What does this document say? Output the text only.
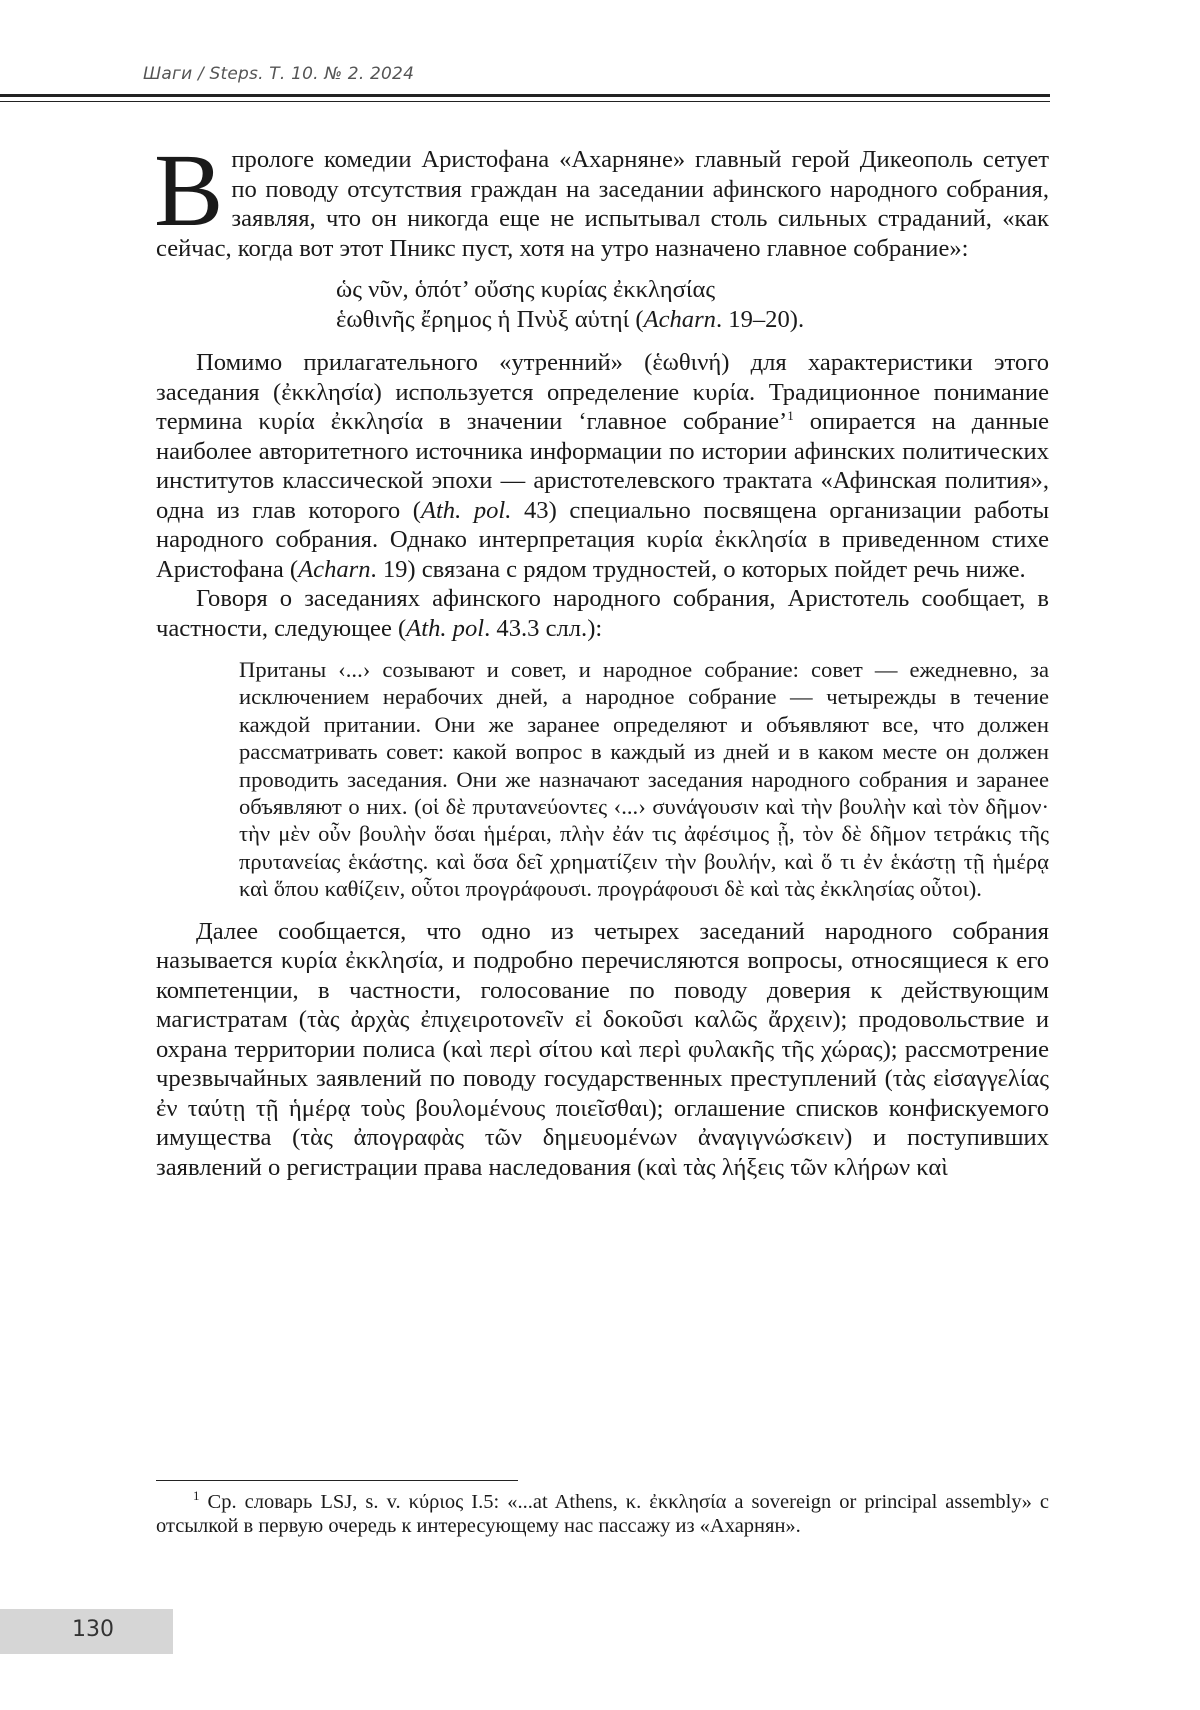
Шаги / Steps. Т. 10. № 2. 2024

В прологе комедии Аристофана «Ахарняне» главный герой Дикеополь сетует по поводу отсутствия граждан на заседании афинского народного собрания, заявляя, что он никогда еще не испытывал столь сильных страданий, «как сейчас, когда вот этот Пникс пуст, хотя на утро назначено главное собрание»:

ὡς νῦν, ὁπότ’ οὔσης κυρίας ἐκκλησίας
ἑωθινῆς ἔρημος ἡ Πνὺξ αὑτηί (Acharn. 19–20).

Помимо прилагательного «утренний» (ἑωθινή) для характеристики этого заседания (ἐκκλησία) используется определение κυρία. Традиционное понимание термина κυρία ἐκκλησία в значении ‘главное собрание’$^1$ опирается на данные наиболее авторитетного источника информации по истории афинских политических институтов классической эпохи — аристотелевского трактата «Афинская полития», одна из глав которого (Ath. pol. 43) специально посвящена организации работы народного собрания. Однако интерпретация κυρία ἐκκλησία в приведенном стихе Аристофана (Acharn. 19) связана с рядом трудностей, о которых пойдет речь ниже.

Говоря о заседаниях афинского народного собрания, Аристотель сообщает, в частности, следующее (Ath. pol. 43.3 слл.):

Пританы ‹...› созывают и совет, и народное собрание: совет — ежедневно, за исключением нерабочих дней, а народное собрание — четырежды в течение каждой притании. Они же заранее определяют и объявляют все, что должен рассматривать совет: какой вопрос в каждый из дней и в каком месте он должен проводить заседания. Они же назначают заседания народного собрания и заранее объявляют о них. (οἱ δὲ πρυτανεύοντες ‹...› συνάγουσιν καὶ τὴν βουλὴν καὶ τὸν δῆμον· τὴν μὲν οὖν βουλὴν ὅσαι ἡμέραι, πλὴν ἐάν τις ἀφέσιμος ᾖ, τὸν δὲ δῆμον τετράκις τῆς πρυτανείας ἑκάστης. καὶ ὅσα δεῖ χρηματίζειν τὴν βουλήν, καὶ ὅ τι ἐν ἑκάστῃ τῇ ἡμέρᾳ καὶ ὅπου καθίζειν, οὗτοι προγράφουσι. προγράφουσι δὲ καὶ τὰς ἐκκλησίας οὗτοι).

Далее сообщается, что одно из четырех заседаний народного собрания называется κυρία ἐκκλησία, и подробно перечисляются вопросы, относящиеся к его компетенции, в частности, голосование по поводу доверия к действующим магистратам (τὰς ἀρχὰς ἐπιχειροτονεῖν εἰ δοκοῦσι καλῶς ἄρχειν); продовольствие и охрана территории полиса (καὶ περὶ σίτου καὶ περὶ φυλακῆς τῆς χώρας); рассмотрение чрезвычайных заявлений по поводу государственных преступлений (τὰς εἰσαγγελίας ἐν ταύτῃ τῇ ἡμέρᾳ τοὺς βουλομένους ποιεῖσθαι); оглашение списков конфискуемого имущества (τὰς ἀπογραφὰς τῶν δημευομένων ἀναγιγνώσκειν) и поступивших заявлений о регистрации права наследования (καὶ τὰς λήξεις τῶν κλήρων καὶ

$^1$ Ср. словарь LSJ, s. v. κύριος I.5: «...at Athens, κ. ἐκκλησία a sovereign or principal assembly» с отсылкой в первую очередь к интересующему нас пассажу из «Ахарнян».

130
